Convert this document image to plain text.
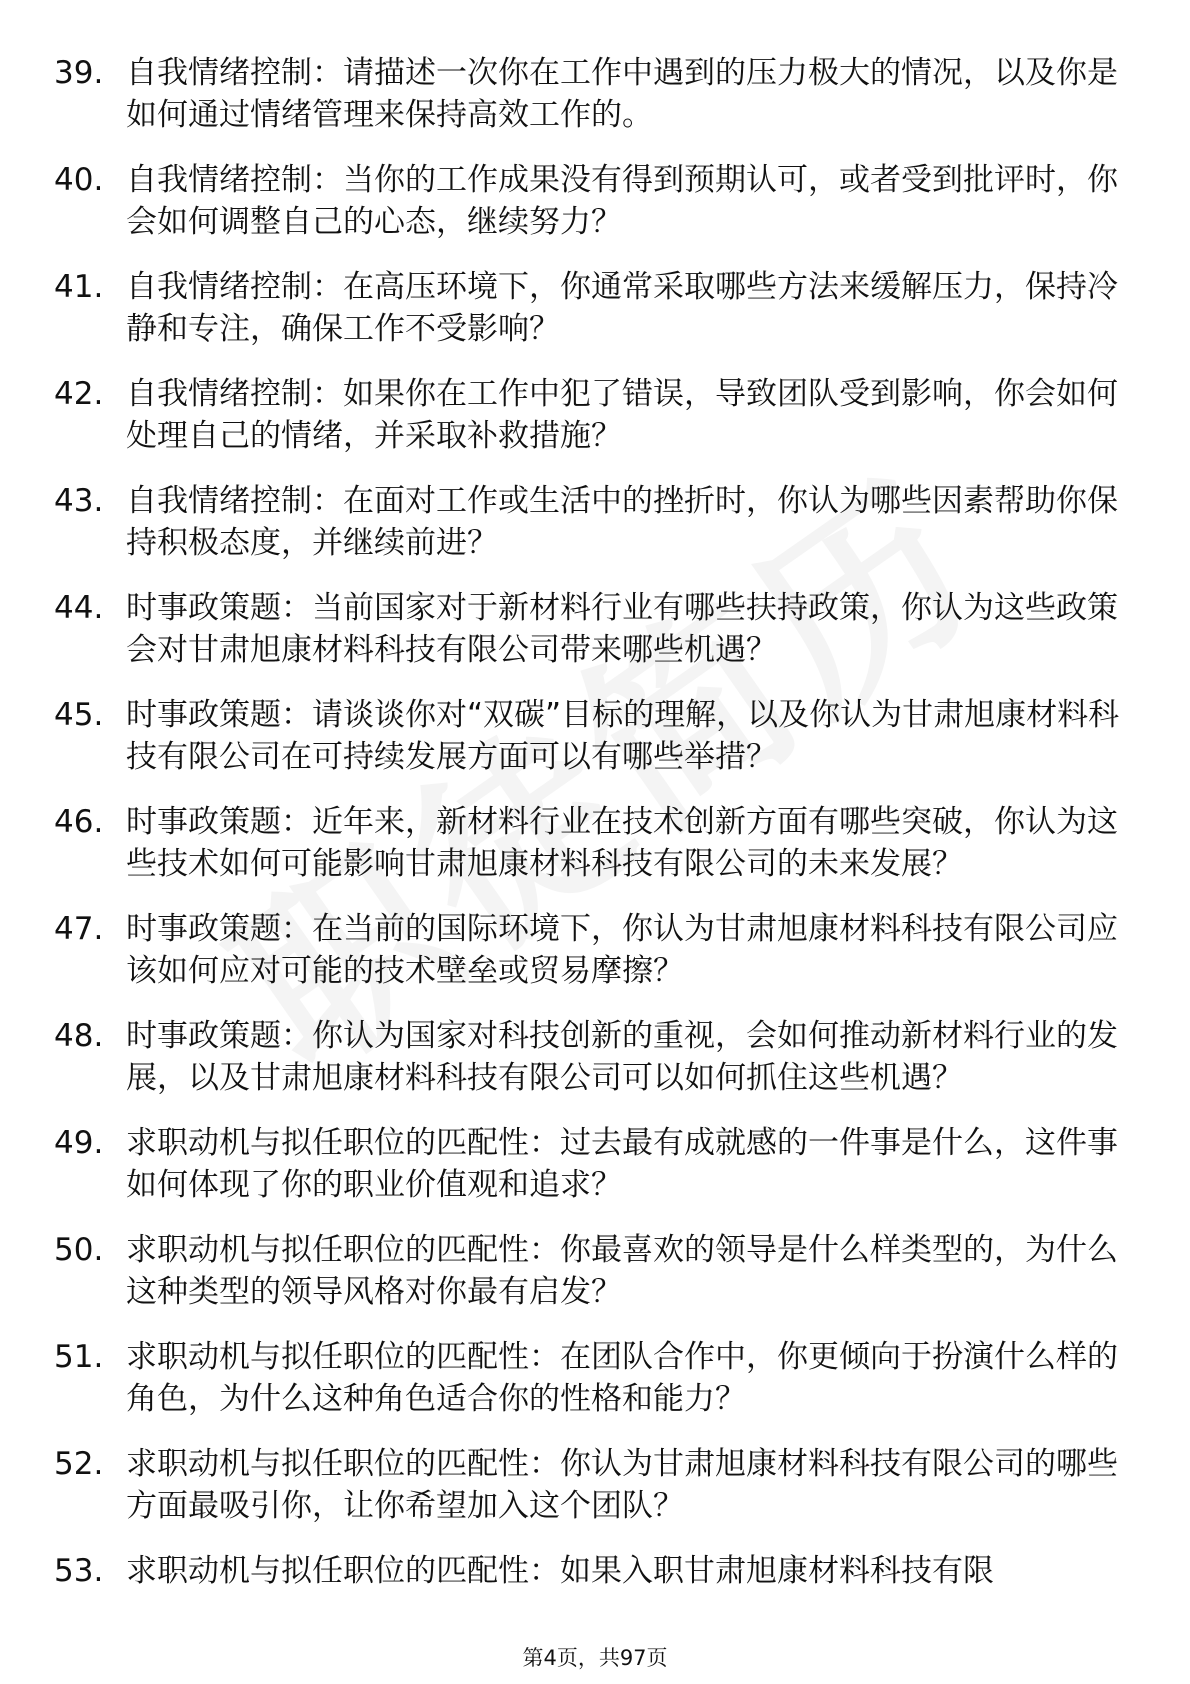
39. 自我情绪控制：请描述一次你在工作中遇到的压力极大的情况，以及你是如何通过情绪管理来保持高效工作的。
40. 自我情绪控制：当你的工作成果没有得到预期认可，或者受到批评时，你会如何调整自己的心态，继续努力？
41. 自我情绪控制：在高压环境下，你通常采取哪些方法来缓解压力，保持冷静和专注，确保工作不受影响？
42. 自我情绪控制：如果你在工作中犯了错误，导致团队受到影响，你会如何处理自己的情绪，并采取补救措施？
43. 自我情绪控制：在面对工作或生活中的挫折时，你认为哪些因素帮助你保持积极态度，并继续前进？
44. 时事政策题：当前国家对于新材料行业有哪些扶持政策，你认为这些政策会对甘肃旭康材料科技有限公司带来哪些机遇？
45. 时事政策题：请谈谈你对“双碳”目标的理解，以及你认为甘肃旭康材料科技有限公司在可持续发展方面可以有哪些举措？
46. 时事政策题：近年来，新材料行业在技术创新方面有哪些突破，你认为这些技术如何可能影响甘肃旭康材料科技有限公司的未来发展？
47. 时事政策题：在当前的国际环境下，你认为甘肃旭康材料科技有限公司应该如何应对可能的技术壁垒或贸易摩擦？
48. 时事政策题：你认为国家对科技创新的重视，会如何推动新材料行业的发展，以及甘肃旭康材料科技有限公司可以如何抓住这些机遇？
49. 求职动机与拟任职位的匹配性：过去最有成就感的一件事是什么，这件事如何体现了你的职业价值观和追求？
50. 求职动机与拟任职位的匹配性：你最喜欢的领导是什么样类型的，为什么这种类型的领导风格对你最有启发？
51. 求职动机与拟任职位的匹配性：在团队合作中，你更倾向于扮演什么样的角色，为什么这种角色适合你的性格和能力？
52. 求职动机与拟任职位的匹配性：你认为甘肃旭康材料科技有限公司的哪些方面最吸引你，让你希望加入这个团队？
53. 求职动机与拟任职位的匹配性：如果入职甘肃旭康材料科技有限
第4页，共97页
